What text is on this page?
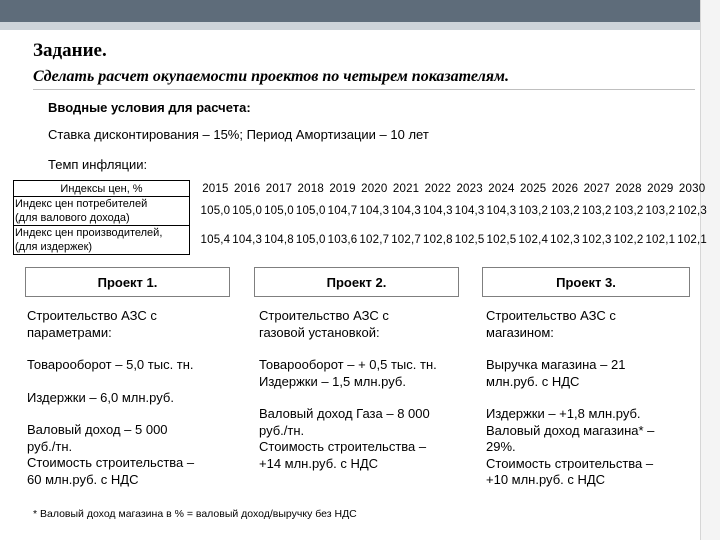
Задание.
Сделать расчет окупаемости проектов по четырем показателям.
Вводные условия для расчета:
Ставка дисконтирования – 15%; Период Амортизации – 10 лет
Темп инфляции:
Индексы цен, %		2015	2016	2017	2018	2019	2020	2021	2022	2023	2024	2025	2026	2027	2028	2029	2030

Индекс цен потребителей
(для валового дохода)		105,0	105,0	105,0	105,0	104,7	104,3	104,3	104,3	104,3	104,3	103,2	103,2	103,2	103,2	103,2	102,3

Индекс цен производителей,
(для издержек)		105,4	104,3	104,8	105,0	103,6	102,7	102,7	102,8	102,5	102,5	102,4	102,3	102,3	102,2	102,1	102,1
Проект 1.	Проект 2.	Проект 3.

Строительство АЗС с

параметрами:

Товарооборот – 5,0 тыс. тн.

Издержки – 6,0 млн.руб.

Валовый доход – 5 000

руб./тн.

Стоимость строительства –

60 млн.руб. с НДС

Строительство АЗС с

газовой установкой:

Товарооборот – + 0,5 тыс. тн.

Издержки – 1,5 млн.руб.

Валовый доход Газа – 8 000

руб./тн.

Стоимость строительства –

+14 млн.руб. с НДС

Строительство АЗС с

магазином:

Выручка магазина – 21

млн.руб. с НДС

Издержки – +1,8 млн.руб.

Валовый доход магазина* –

29%.

Стоимость строительства –

+10 млн.руб. с НДС

* Валовый доход магазина в % = валовый доход/выручку без НДС
